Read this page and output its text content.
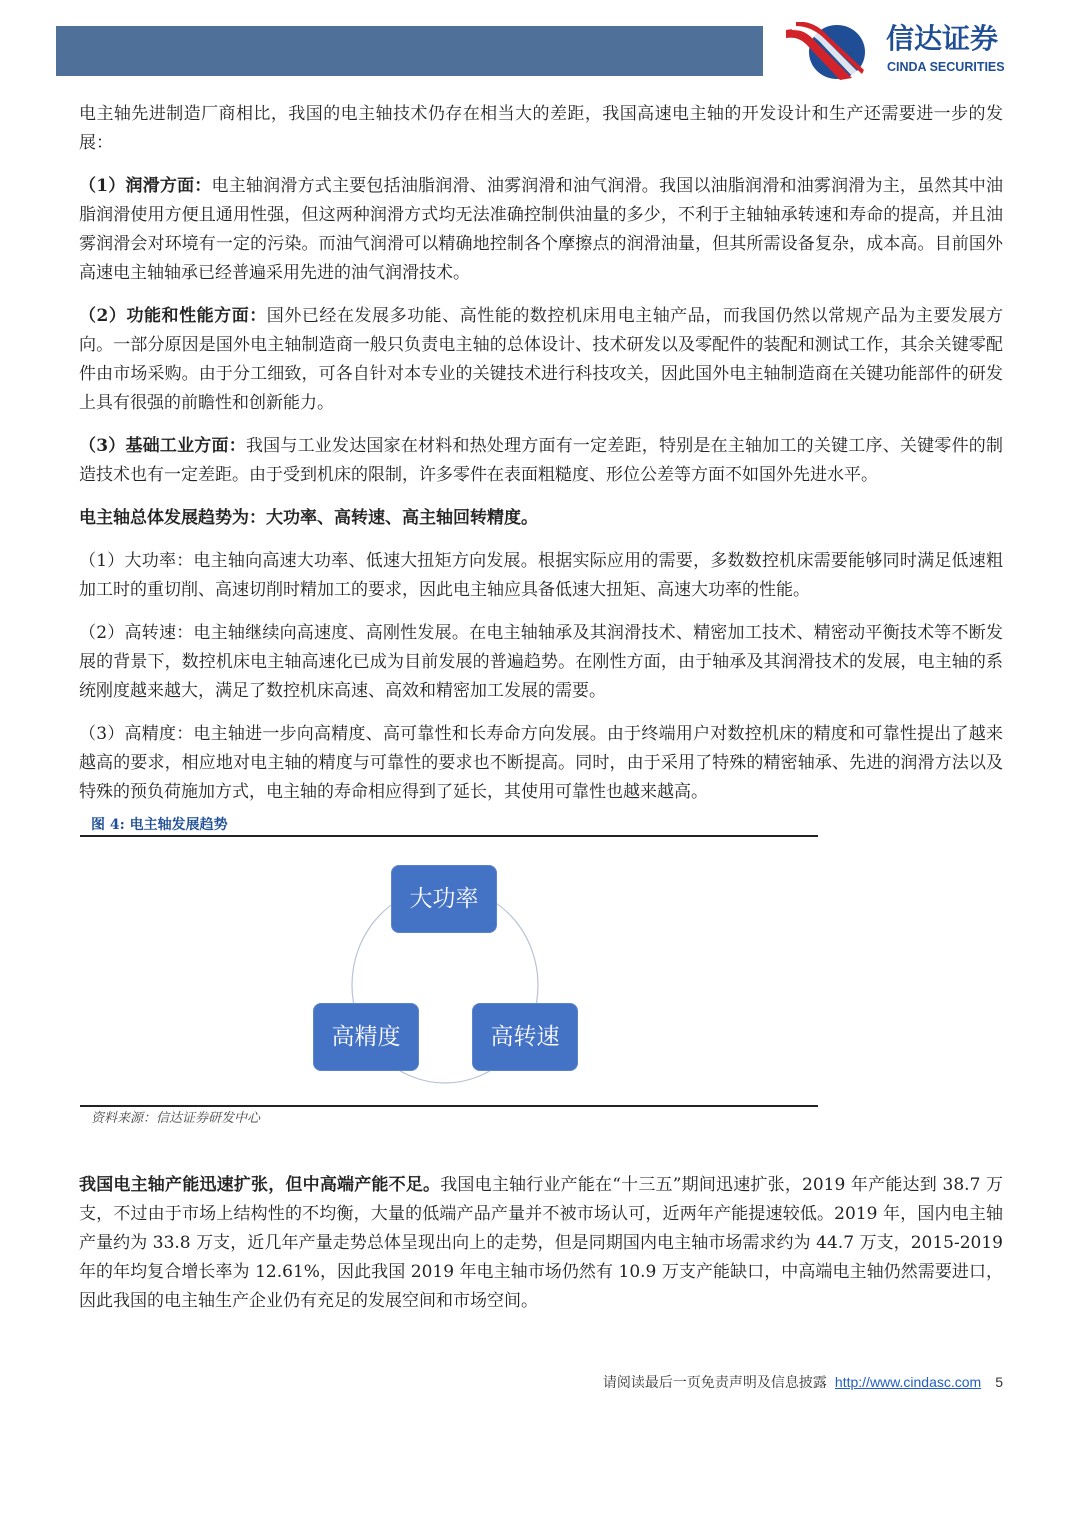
信达证券
CINDA SECURITIES

电主轴先进制造厂商相比，我国的电主轴技术仍存在相当大的差距，我国高速电主轴的开发设计和生产还需要进一步的发展：

（1）润滑方面：电主轴润滑方式主要包括油脂润滑、油雾润滑和油气润滑。我国以油脂润滑和油雾润滑为主，虽然其中油脂润滑使用方便且通用性强，但这两种润滑方式均无法准确控制供油量的多少，不利于主轴轴承转速和寿命的提高，并且油雾润滑会对环境有一定的污染。而油气润滑可以精确地控制各个摩擦点的润滑油量，但其所需设备复杂，成本高。目前国外高速电主轴轴承已经普遍采用先进的油气润滑技术。

（2）功能和性能方面：国外已经在发展多功能、高性能的数控机床用电主轴产品，而我国仍然以常规产品为主要发展方向。一部分原因是国外电主轴制造商一般只负责电主轴的总体设计、技术研发以及零配件的装配和测试工作，其余关键零配件由市场采购。由于分工细致，可各自针对本专业的关键技术进行科技攻关，因此国外电主轴制造商在关键功能部件的研发上具有很强的前瞻性和创新能力。

（3）基础工业方面：我国与工业发达国家在材料和热处理方面有一定差距，特别是在主轴加工的关键工序、关键零件的制造技术也有一定差距。由于受到机床的限制，许多零件在表面粗糙度、形位公差等方面不如国外先进水平。

电主轴总体发展趋势为：大功率、高转速、高主轴回转精度。

（1）大功率：电主轴向高速大功率、低速大扭矩方向发展。根据实际应用的需要，多数数控机床需要能够同时满足低速粗加工时的重切削、高速切削时精加工的要求，因此电主轴应具备低速大扭矩、高速大功率的性能。

（2）高转速：电主轴继续向高速度、高刚性发展。在电主轴轴承及其润滑技术、精密加工技术、精密动平衡技术等不断发展的背景下，数控机床电主轴高速化已成为目前发展的普遍趋势。在刚性方面，由于轴承及其润滑技术的发展，电主轴的系统刚度越来越大，满足了数控机床高速、高效和精密加工发展的需要。

（3）高精度：电主轴进一步向高精度、高可靠性和长寿命方向发展。由于终端用户对数控机床的精度和可靠性提出了越来越高的要求，相应地对电主轴的精度与可靠性的要求也不断提高。同时，由于采用了特殊的精密轴承、先进的润滑方法以及特殊的预负荷施加方式，电主轴的寿命相应得到了延长，其使用可靠性也越来越高。

图 4: 电主轴发展趋势
大功率
高转速
高精度
资料来源：信达证券研发中心

我国电主轴产能迅速扩张，但中高端产能不足。我国电主轴行业产能在“十三五”期间迅速扩张，2019 年产能达到 38.7 万支，不过由于市场上结构性的不均衡，大量的低端产品产量并不被市场认可，近两年产能提速较低。2019 年，国内电主轴产量约为 33.8 万支，近几年产量走势总体呈现出向上的走势，但是同期国内电主轴市场需求约为 44.7 万支，2015-2019 年的年均复合增长率为 12.61%，因此我国 2019 年电主轴市场仍然有 10.9 万支产能缺口，中高端电主轴仍然需要进口，因此我国的电主轴生产企业仍有充足的发展空间和市场空间。

请阅读最后一页免责声明及信息披露 http://www.cindasc.com 5
